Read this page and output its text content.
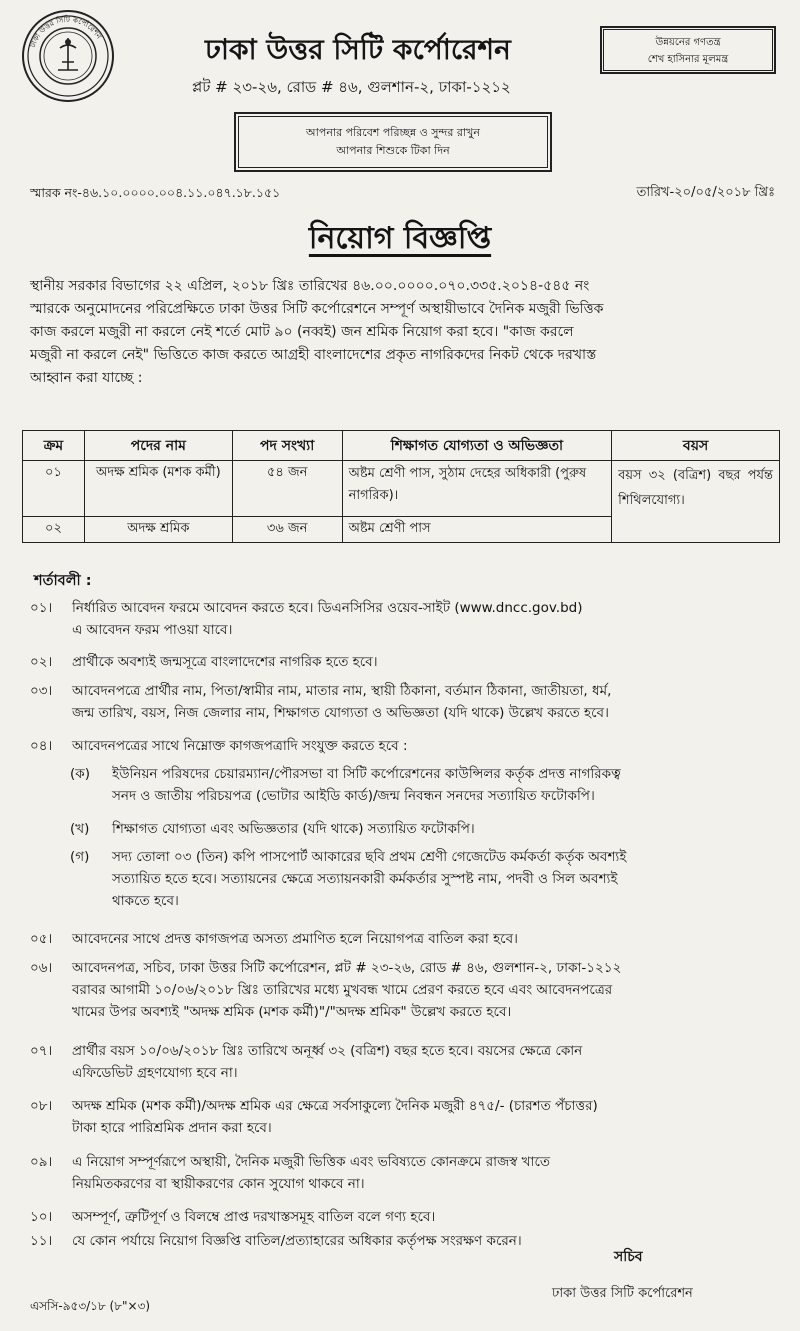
ঢাকা উত্তর সিটি কর্পোরেশন	ঢাকা উত্তর সিটি কর্পোরেশন
প্লট # ২৩-২৬, রোড # ৪৬, গুলশান-২, ঢাকা-১২১২
উন্নয়নের গণতন্ত্র
শেখ হাসিনার মূলমন্ত্র
আপনার পরিবেশ পরিচ্ছন্ন ও সুন্দর রাখুন
আপনার শিশুকে টিকা দিন
স্মারক নং-৪৬.১০.০০০০.০০৪.১১.০৪৭.১৮.১৫১	তারিখ-২০/০৫/২০১৮ খ্রিঃ
নিয়োগ বিজ্ঞপ্তি
স্থানীয় সরকার বিভাগের ২২ এপ্রিল, ২০১৮ খ্রিঃ তারিখের ৪৬.০০.০০০০.০৭০.৩৩৫.২০১৪-৫৪৫ নং
স্মারকে অনুমোদনের পরিপ্রেক্ষিতে ঢাকা উত্তর সিটি কর্পোরেশনে সম্পূর্ণ অস্থায়ীভাবে দৈনিক মজুরী ভিত্তিক
কাজ করলে মজুরী না করলে নেই শর্তে মোট ৯০ (নব্বই) জন শ্রমিক নিয়োগ করা হবে। "কাজ করলে
মজুরী না করলে নেই" ভিত্তিতে কাজ করতে আগ্রহী বাংলাদেশের প্রকৃত নাগরিকদের নিকট থেকে দরখাস্ত
আহ্বান করা যাচ্ছে :
ক্রম	পদের নাম	পদ সংখ্যা	শিক্ষাগত যোগ্যতা ও অভিজ্ঞতা	বয়স
০১	অদক্ষ শ্রমিক (মশক কর্মী)	৫৪ জন	অষ্টম শ্রেণী পাস, সুঠাম দেহের অধিকারী (পুরুষ নাগরিক)।	বয়স ৩২ (বত্রিশ) বছর পর্যন্ত শিথিলযোগ্য।
০২	অদক্ষ শ্রমিক	৩৬ জন	অষ্টম শ্রেণী পাস	
শর্তাবলী :
০১। নির্ধারিত আবেদন ফরমে আবেদন করতে হবে। ডিএনসিসির ওয়েব-সাইট (www.dncc.gov.bd)
এ আবেদন ফরম পাওয়া যাবে।
০২। প্রার্থীকে অবশ্যই জন্মসূত্রে বাংলাদেশের নাগরিক হতে হবে।
০৩। আবেদনপত্রে প্রার্থীর নাম, পিতা/স্বামীর নাম, মাতার নাম, স্থায়ী ঠিকানা, বর্তমান ঠিকানা, জাতীয়তা, ধর্ম,
জন্ম তারিখ, বয়স, নিজ জেলার নাম, শিক্ষাগত যোগ্যতা ও অভিজ্ঞতা (যদি থাকে) উল্লেখ করতে হবে।
০৪। আবেদনপত্রের সাথে নিম্নোক্ত কাগজপত্রাদি সংযুক্ত করতে হবে :
(ক) ইউনিয়ন পরিষদের চেয়ারম্যান/পৌরসভা বা সিটি কর্পোরেশনের কাউন্সিলর কর্তৃক প্রদত্ত নাগরিকত্ব
সনদ ও জাতীয় পরিচয়পত্র (ভোটার আইডি কার্ড)/জন্ম নিবন্ধন সনদের সত্যায়িত ফটোকপি।
(খ) শিক্ষাগত যোগ্যতা এবং অভিজ্ঞতার (যদি থাকে) সত্যায়িত ফটোকপি।
(গ) সদ্য তোলা ০৩ (তিন) কপি পাসপোর্ট আকারের ছবি প্রথম শ্রেণী গেজেটেড কর্মকর্তা কর্তৃক অবশ্যই
সত্যায়িত হতে হবে। সত্যায়নের ক্ষেত্রে সত্যায়নকারী কর্মকর্তার সুস্পষ্ট নাম, পদবী ও সিল অবশ্যই
থাকতে হবে।
০৫। আবেদনের সাথে প্রদত্ত কাগজপত্র অসত্য প্রমাণিত হলে নিয়োগপত্র বাতিল করা হবে।
০৬। আবেদনপত্র, সচিব, ঢাকা উত্তর সিটি কর্পোরেশন, প্লট # ২৩-২৬, রোড # ৪৬, গুলশান-২, ঢাকা-১২১২
বরাবর আগামী ১০/০৬/২০১৮ খ্রিঃ তারিখের মধ্যে মুখবন্ধ খামে প্রেরণ করতে হবে এবং আবেদনপত্রের
খামের উপর অবশ্যই "অদক্ষ শ্রমিক (মশক কর্মী)"/"অদক্ষ শ্রমিক" উল্লেখ করতে হবে।
০৭। প্রার্থীর বয়স ১০/০৬/২০১৮ খ্রিঃ তারিখে অনূর্ধ্ব ৩২ (বত্রিশ) বছর হতে হবে। বয়সের ক্ষেত্রে কোন
এফিডেভিট গ্রহণযোগ্য হবে না।
০৮। অদক্ষ শ্রমিক (মশক কর্মী)/অদক্ষ শ্রমিক এর ক্ষেত্রে সর্বসাকুল্যে দৈনিক মজুরী ৪৭৫/- (চারশত পঁচাত্তর)
টাকা হারে পারিশ্রমিক প্রদান করা হবে।
০৯। এ নিয়োগ সম্পূর্ণরূপে অস্থায়ী, দৈনিক মজুরী ভিত্তিক এবং ভবিষ্যতে কোনক্রমে রাজস্ব খাতে
নিয়মিতকরণের বা স্থায়ীকরণের কোন সুযোগ থাকবে না।
১০। অসম্পূর্ণ, ত্রুটিপূর্ণ ও বিলম্বে প্রাপ্ত দরখাস্তসমূহ বাতিল বলে গণ্য হবে।
১১। যে কোন পর্যায়ে নিয়োগ বিজ্ঞপ্তি বাতিল/প্রত্যাহারের অধিকার কর্তৃপক্ষ সংরক্ষণ করেন।
সচিব
ঢাকা উত্তর সিটি কর্পোরেশন
এসসি-৯৫৩/১৮ (৮"×৩)
